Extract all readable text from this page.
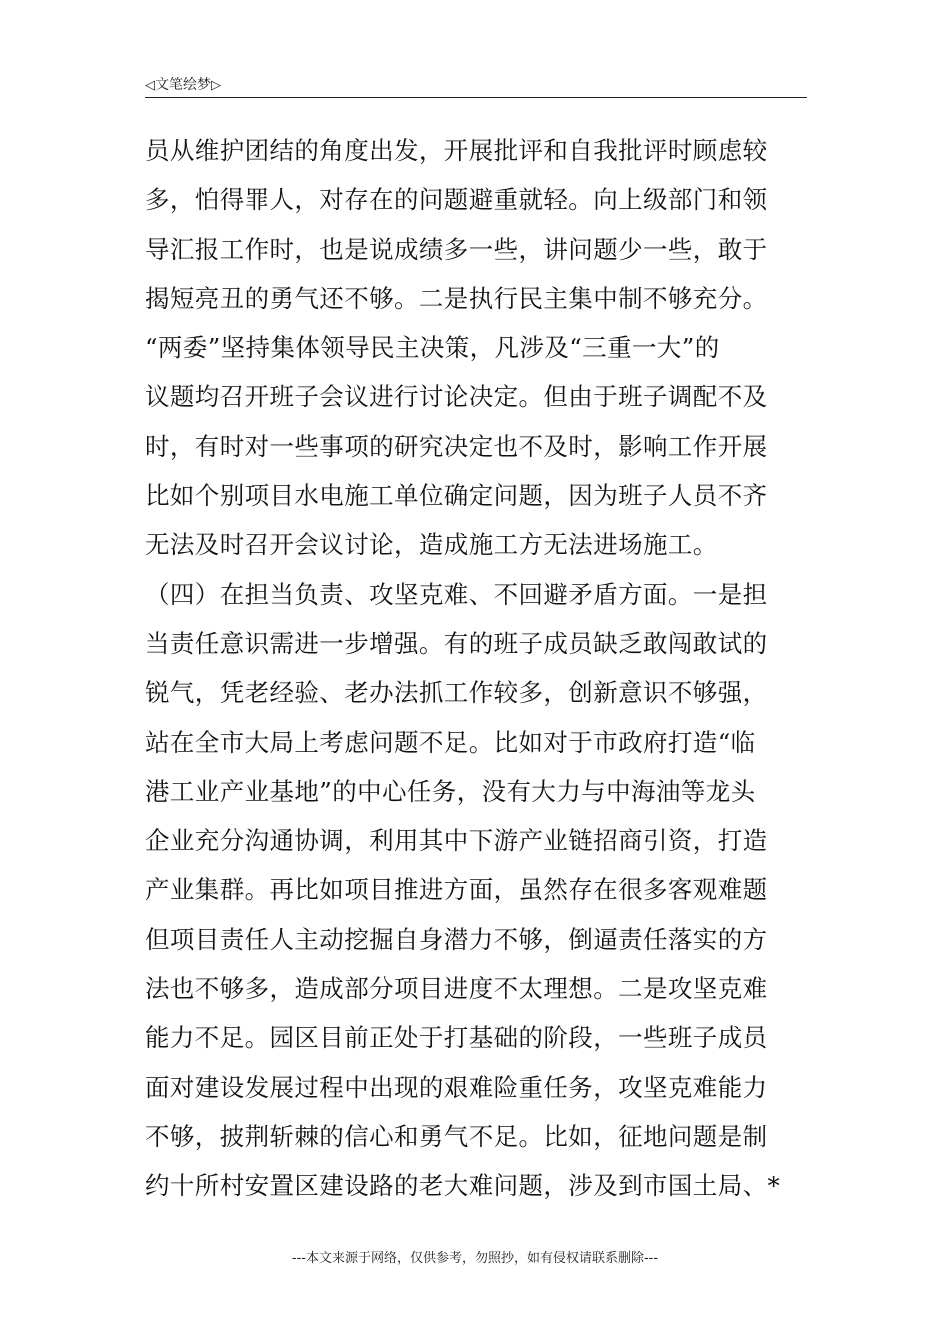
◁文笔绘梦▷
员从维护团结的角度出发，开展批评和自我批评时顾虑较
多，怕得罪人，对存在的问题避重就轻。向上级部门和领
导汇报工作时，也是说成绩多一些，讲问题少一些，敢于
揭短亮丑的勇气还不够。二是执行民主集中制不够充分。
“两委”坚持集体领导民主决策，凡涉及“三重一大”的
议题均召开班子会议进行讨论决定。但由于班子调配不及
时，有时对一些事项的研究决定也不及时，影响工作开展
比如个别项目水电施工单位确定问题，因为班子人员不齐
无法及时召开会议讨论，造成施工方无法进场施工。
（四）在担当负责、攻坚克难、不回避矛盾方面。一是担
当责任意识需进一步增强。有的班子成员缺乏敢闯敢试的
锐气，凭老经验、老办法抓工作较多，创新意识不够强，
站在全市大局上考虑问题不足。比如对于市政府打造“临
港工业产业基地”的中心任务，没有大力与中海油等龙头
企业充分沟通协调，利用其中下游产业链招商引资，打造
产业集群。再比如项目推进方面，虽然存在很多客观难题
但项目责任人主动挖掘自身潜力不够，倒逼责任落实的方
法也不够多，造成部分项目进度不太理想。二是攻坚克难
能力不足。园区目前正处于打基础的阶段，一些班子成员
面对建设发展过程中出现的艰难险重任务，攻坚克难能力
不够，披荆斩棘的信心和勇气不足。比如，征地问题是制
约十所村安置区建设路的老大难问题，涉及到市国土局、*
---本文来源于网络，仅供参考，勿照抄，如有侵权请联系删除---
